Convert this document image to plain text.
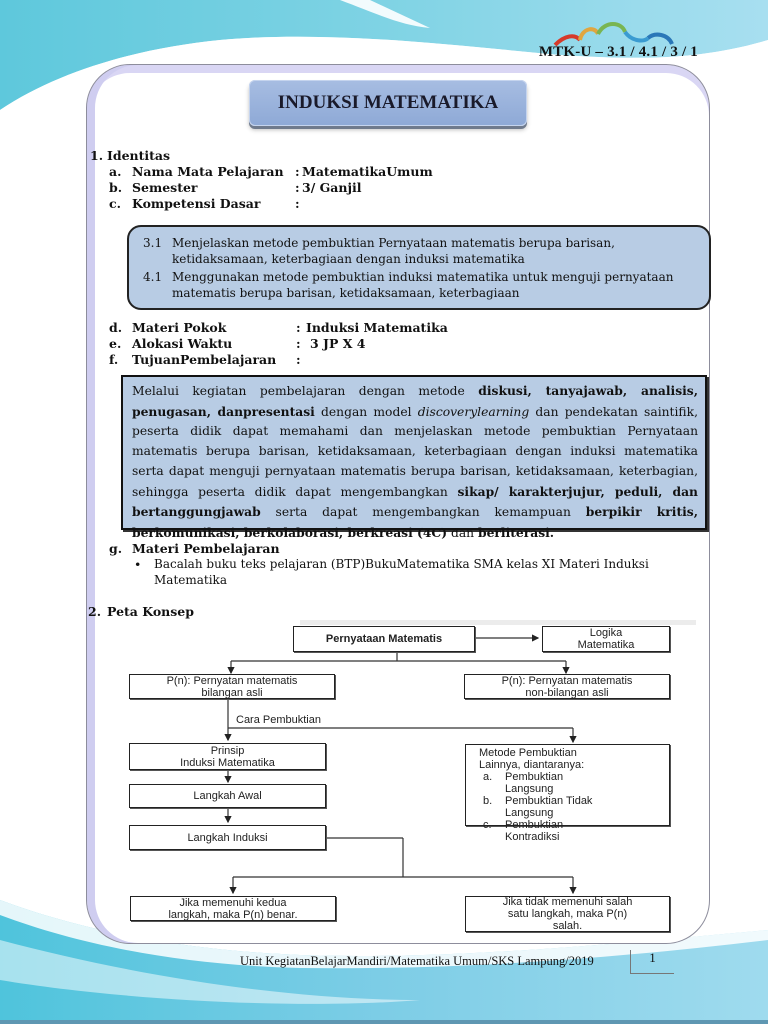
MTK-U – 3.1 / 4.1 / 3 / 1
INDUKSI MATEMATIKA
1. Identitas
a. Nama Mata Pelajaran : MatematikaUmum
b. Semester	: 3/ Ganjil
c. Kompetensi Dasar	:
3.1 Menjelaskan metode pembuktian Pernyataan matematis berupa barisan,
ketidaksamaan, keterbagiaan dengan induksi matematika
4.1 Menggunakan metode pembuktian induksi matematika untuk menguji pernyataan
matematis berupa barisan, ketidaksamaan, keterbagiaan
d. Materi Pokok	: Induksi Matematika
e. Alokasi Waktu	: 3 JP X 4
f. TujuanPembelajaran :
Melalui kegiatan pembelajaran dengan metode diskusi, tanyajawab, analisis, penugasan, danpresentasi dengan model discoverylearning dan pendekatan saintifik, peserta didik dapat memahami dan menjelaskan metode pembuktian Pernyataan matematis berupa barisan, ketidaksamaan, keterbagiaan dengan induksi matematika serta dapat menguji pernyataan matematis berupa barisan, ketidaksamaan, keterbagian, sehingga peserta didik dapat mengembangkan sikap/ karakterjujur, peduli, dan bertanggungjawab serta dapat mengembangkan kemampuan berpikir kritis, berkomunikasi, berkolaborasi, berkreasi (4C) dan berliterasi.
g. Materi Pembelajaran
• Bacalah buku teks pelajaran (BTP)BukuMatematika SMA kelas XI Materi Induksi
Matematika
2. Peta Konsep
Pernyataan Matematis	Logika
Matematika
P(n): Pernyatan matematis
bilangan asli
P(n): Pernyatan matematis
non-bilangan asli
Cara Pembuktian
Prinsip
Induksi Matematika
Langkah Awal
Langkah Induksi
Metode Pembuktian
Lainnya, diantaranya:
a.	Pembuktian
Langsung
b.	Pembuktian Tidak
Langsung
c.	Pembuktian
Kontradiksi
Jika memenuhi kedua
langkah, maka P(n) benar.
Jika tidak memenuhi salah
satu langkah, maka P(n)
salah.
Unit KegiatanBelajarMandiri/Matematika Umum/SKS Lampung/2019	1
